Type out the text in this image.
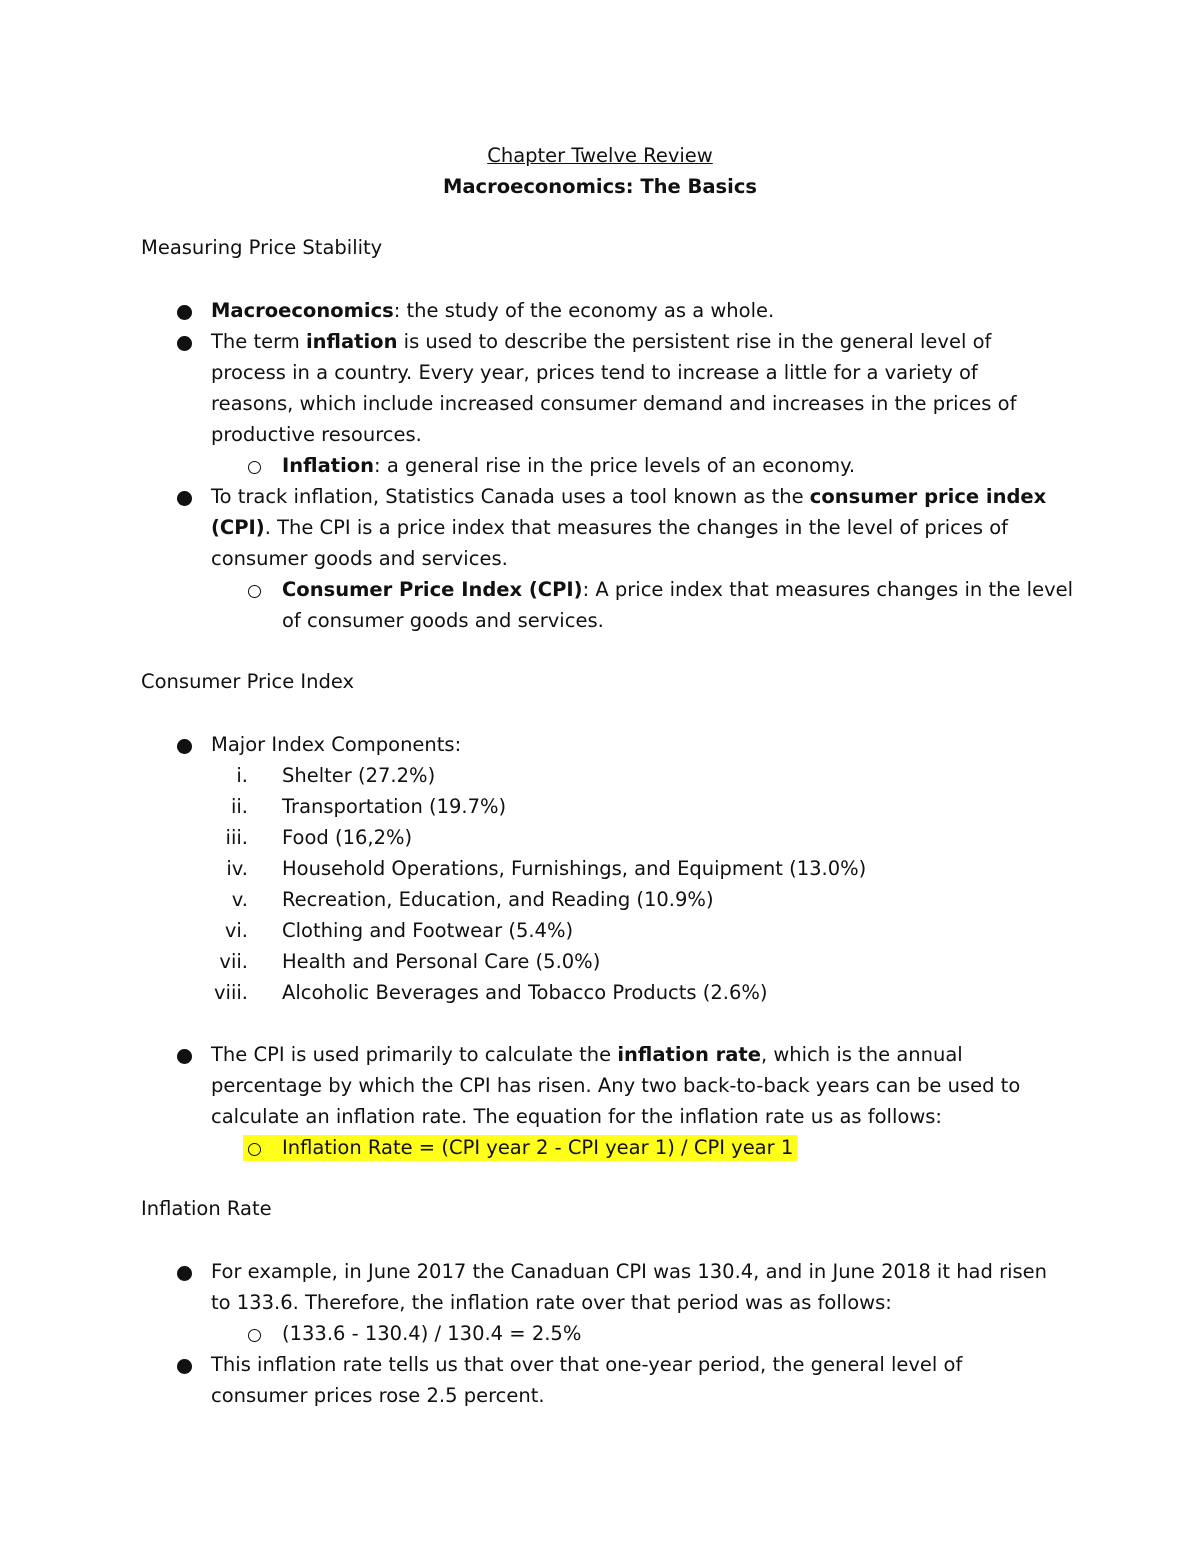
Chapter Twelve Review
Macroeconomics: The Basics
Measuring Price Stability
Macroeconomics: the study of the economy as a whole.
The term inflation is used to describe the persistent rise in the general level of
process in a country. Every year, prices tend to increase a little for a variety of
reasons, which include increased consumer demand and increases in the prices of
productive resources.
Inflation: a general rise in the price levels of an economy.
To track inflation, Statistics Canada uses a tool known as the consumer price index
(CPI). The CPI is a price index that measures the changes in the level of prices of
consumer goods and services.
Consumer Price Index (CPI): A price index that measures changes in the level
of consumer goods and services.
Consumer Price Index
Major Index Components:
i. Shelter (27.2%)
ii. Transportation (19.7%)
iii. Food (16,2%)
iv. Household Operations, Furnishings, and Equipment (13.0%)
v. Recreation, Education, and Reading (10.9%)
vi. Clothing and Footwear (5.4%)
vii. Health and Personal Care (5.0%)
viii. Alcoholic Beverages and Tobacco Products (2.6%)
The CPI is used primarily to calculate the inflation rate, which is the annual
percentage by which the CPI has risen. Any two back-to-back years can be used to
calculate an inflation rate. The equation for the inflation rate us as follows:
Inflation Rate = (CPI year 2 - CPI year 1) / CPI year 1
Inflation Rate
For example, in June 2017 the Canaduan CPI was 130.4, and in June 2018 it had risen
to 133.6. Therefore, the inflation rate over that period was as follows:
(133.6 - 130.4) / 130.4 = 2.5%
This inflation rate tells us that over that one-year period, the general level of
consumer prices rose 2.5 percent.
